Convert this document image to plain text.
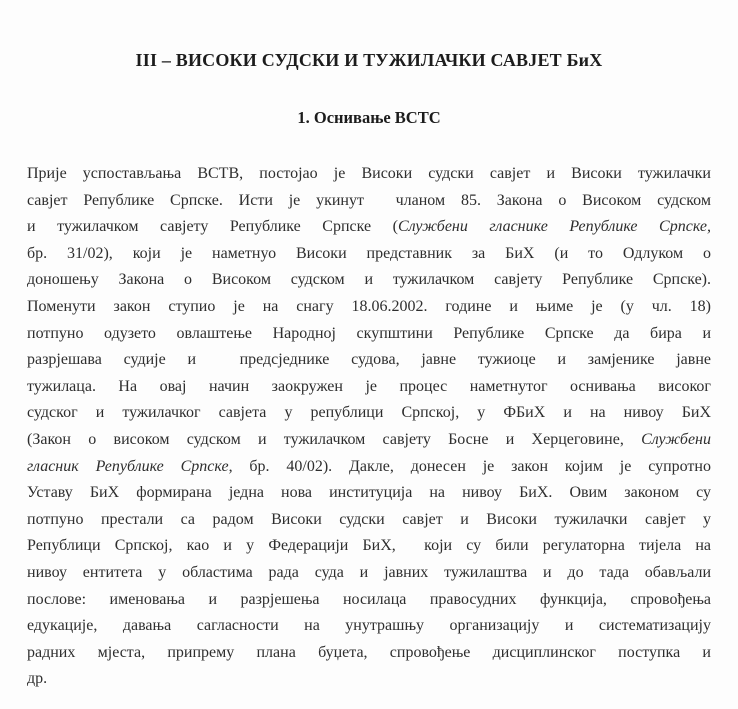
III – ВИСОКИ СУДСКИ И ТУЖИЛАЧКИ САВЈЕТ БиХ
1. Оснивање ВСТС
Прије успостављања ВСТВ, постојао је Високи судски савјет и Високи тужилачки
савјет Републике Српске. Исти је укинут  чланом 85. Закона о Високом судском
и тужилачком савјету Републике Српске (Службени гласнике Републике Српске,
бр. 31/02), који је наметнуо Високи представник за БиХ (и то Одлуком о
доношењу Закона о Високом судском и тужилачком савјету Републике Српске).
Поменути закон ступио је на снагу 18.06.2002. године и њиме је (у чл. 18)
потпуно одузето овлаштење Народној скупштини Републике Српске да бира и
разрјешава судије и  предсједнике судова, јавне тужиоце и замјенике јавне
тужилаца. На овај начин заокружен је процес наметнутог оснивања високог
судског и тужилачког савјета у републици Српској, у ФБиХ и на нивоу БиХ
(Закон о високом судском и тужилачком савјету Босне и Херцеговине, Службени
гласник Републике Српске, бр. 40/02). Дакле, донесен је закон којим је супротно
Уставу БиХ формирана једна нова институција на нивоу БиХ. Овим законом су
потпуно престали са радом Високи судски савјет и Високи тужилачки савјет у
Републици Српској, као и у Федерацији БиХ,  који су били регулаторна тијела на
нивоу ентитета у областима рада суда и јавних тужилаштва и до тада обављали
послове: именовања и разрјешења носилаца правосудних функција, спровођења
едукације, давања сагласности на унутрашњу организацију и систематизацију
радних мјеста, припрему плана буџета, спровођење дисциплинског поступка и
др.
